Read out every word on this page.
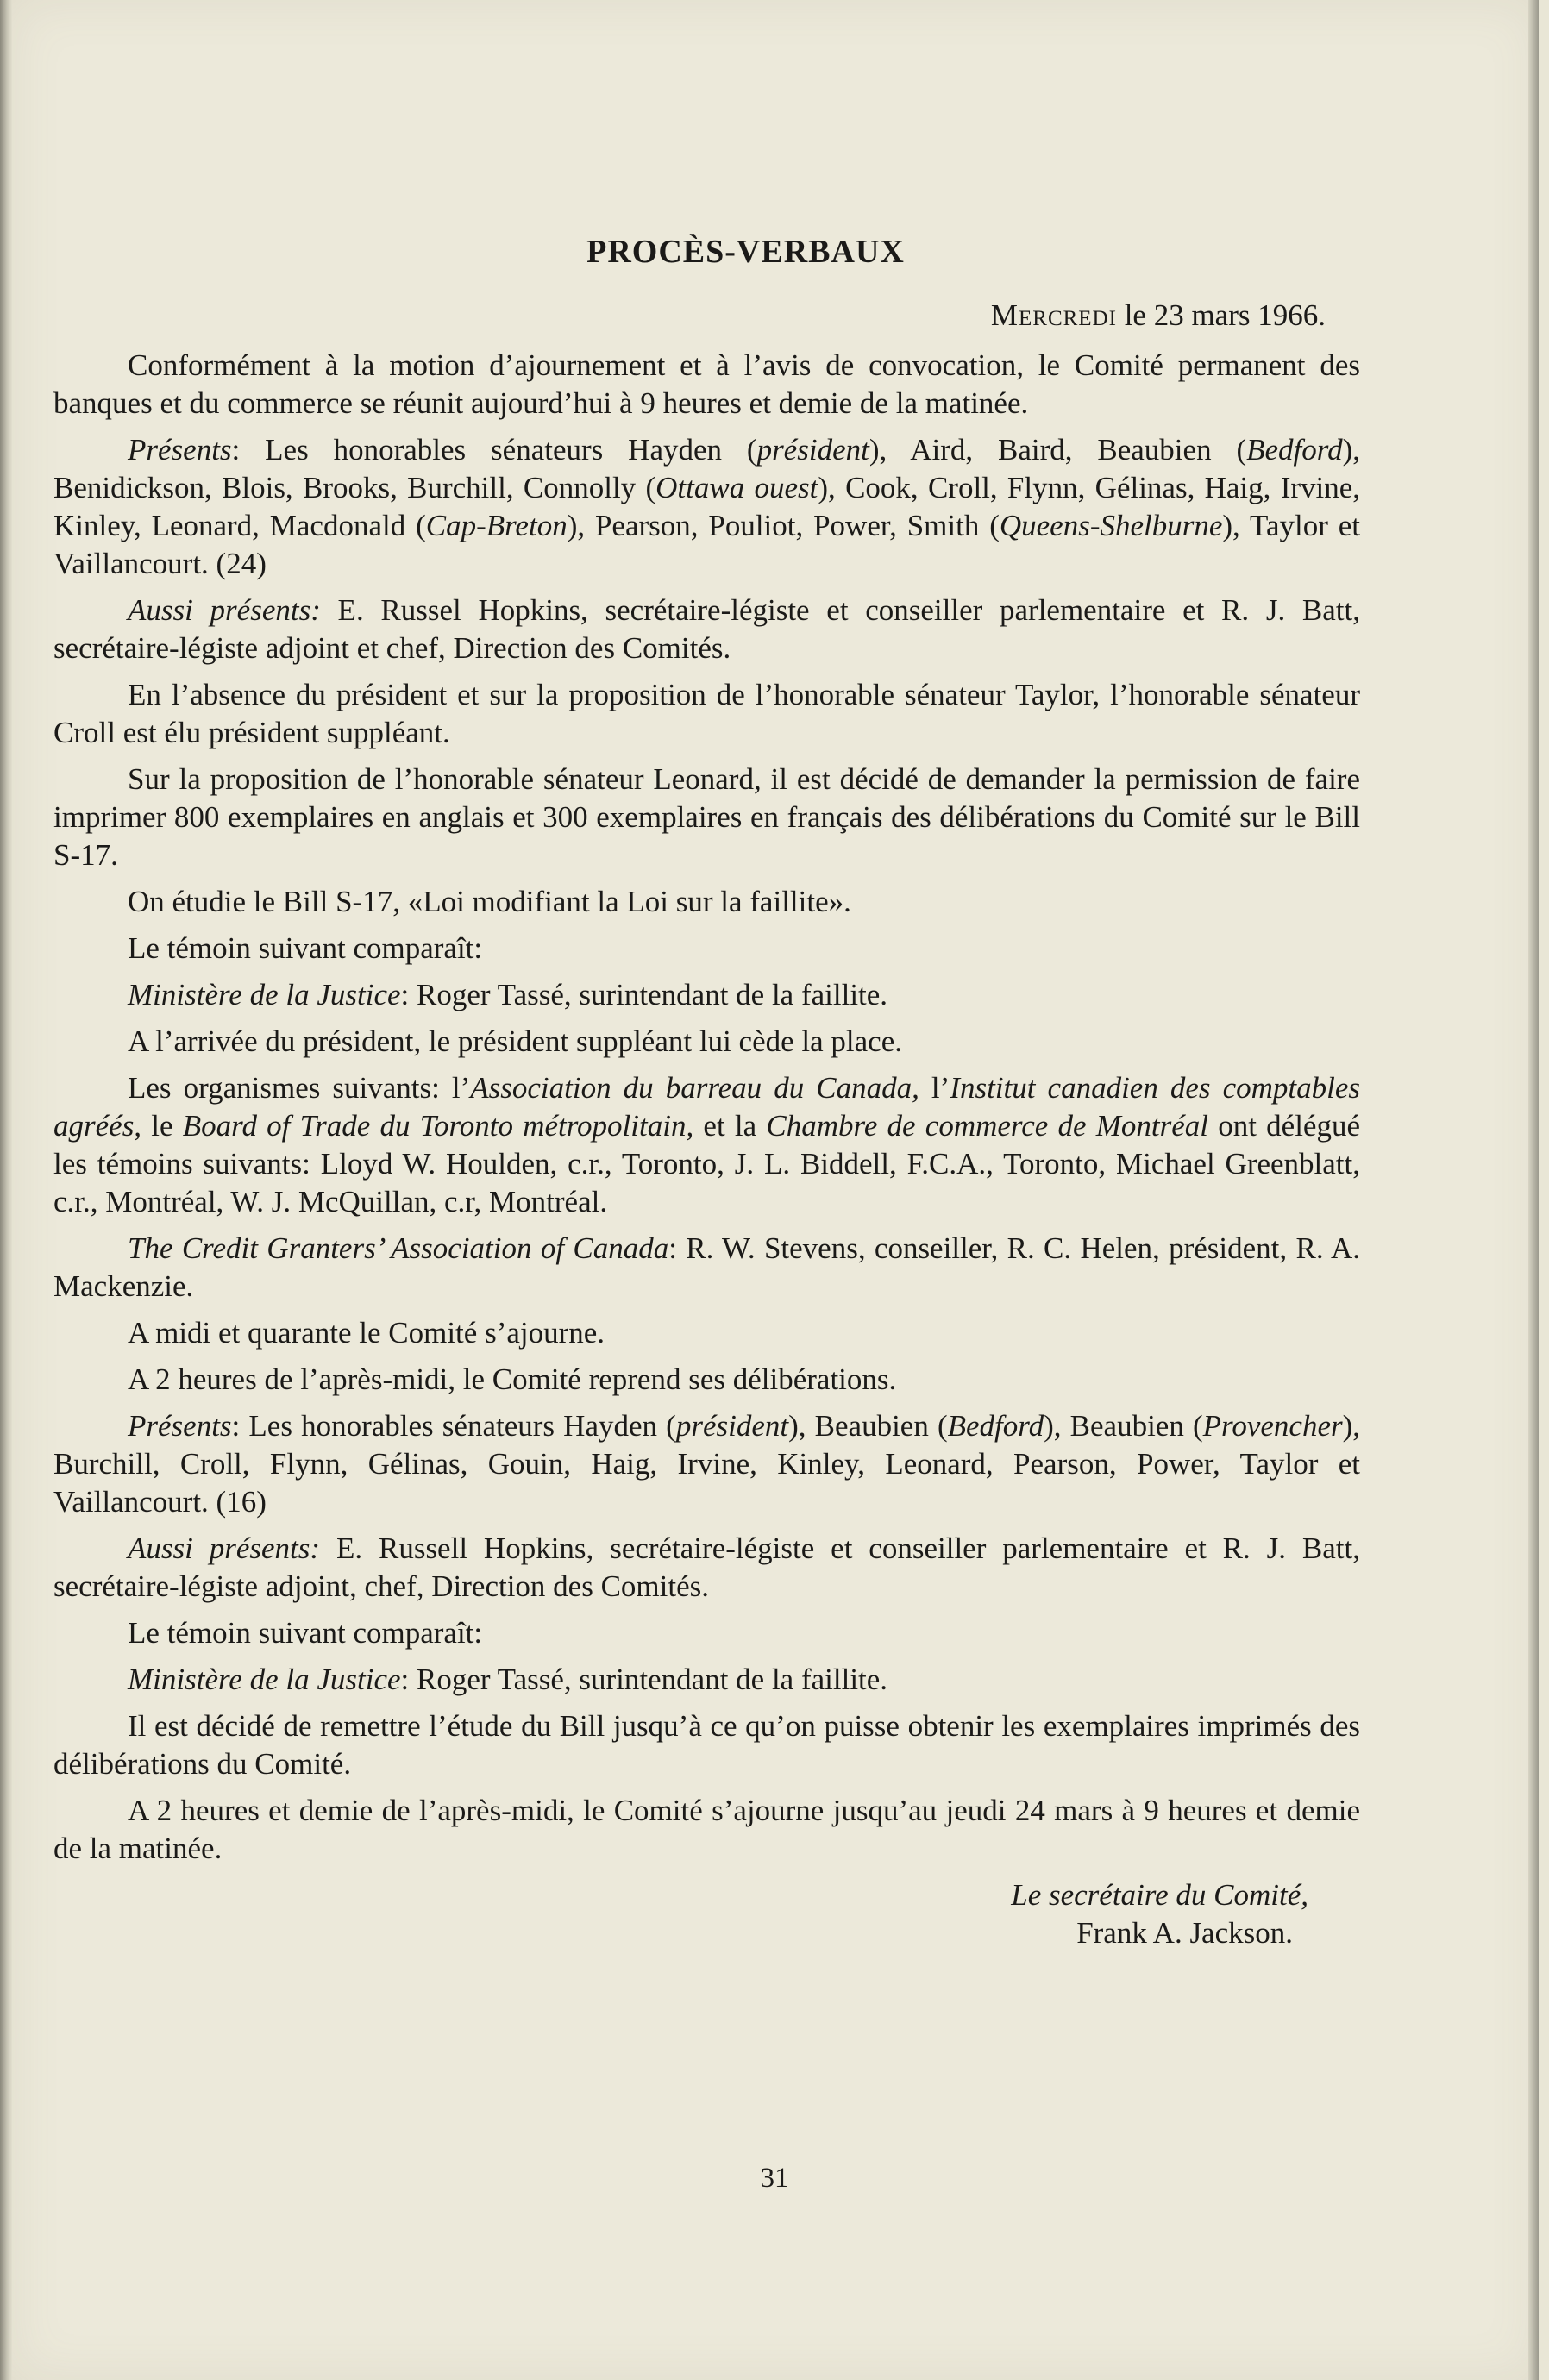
PROCÈS-VERBAUX
Mercredi le 23 mars 1966.

Conformément à la motion d’ajournement et à l’avis de convocation, le Comité permanent des banques et du commerce se réunit aujourd’hui à 9 heures et demie de la matinée.

Présents: Les honorables sénateurs Hayden (président), Aird, Baird, Beaubien (Bedford), Benidickson, Blois, Brooks, Burchill, Connolly (Ottawa ouest), Cook, Croll, Flynn, Gélinas, Haig, Irvine, Kinley, Leonard, Macdonald (Cap-Breton), Pearson, Pouliot, Power, Smith (Queens-Shelburne), Taylor et Vaillancourt. (24)

Aussi présents: E. Russel Hopkins, secrétaire-légiste et conseiller parlementaire et R. J. Batt, secrétaire-légiste adjoint et chef, Direction des Comités.

En l’absence du président et sur la proposition de l’honorable sénateur Taylor, l’honorable sénateur Croll est élu président suppléant.

Sur la proposition de l’honorable sénateur Leonard, il est décidé de demander la permission de faire imprimer 800 exemplaires en anglais et 300 exemplaires en français des délibérations du Comité sur le Bill S-17.

On étudie le Bill S-17, «Loi modifiant la Loi sur la faillite».

Le témoin suivant comparaît:

Ministère de la Justice: Roger Tassé, surintendant de la faillite.

A l’arrivée du président, le président suppléant lui cède la place.

Les organismes suivants: l’Association du barreau du Canada, l’Institut canadien des comptables agréés, le Board of Trade du Toronto métropolitain, et la Chambre de commerce de Montréal ont délégué les témoins suivants: Lloyd W. Houlden, c.r., Toronto, J. L. Biddell, F.C.A., Toronto, Michael Greenblatt, c.r., Montréal, W. J. McQuillan, c.r, Montréal.

The Credit Granters’ Association of Canada: R. W. Stevens, conseiller, R. C. Helen, président, R. A. Mackenzie.

A midi et quarante le Comité s’ajourne.

A 2 heures de l’après-midi, le Comité reprend ses délibérations.

Présents: Les honorables sénateurs Hayden (président), Beaubien (Bedford), Beaubien (Provencher), Burchill, Croll, Flynn, Gélinas, Gouin, Haig, Irvine, Kinley, Leonard, Pearson, Power, Taylor et Vaillancourt. (16)

Aussi présents: E. Russell Hopkins, secrétaire-légiste et conseiller parlementaire et R. J. Batt, secrétaire-légiste adjoint, chef, Direction des Comités.

Le témoin suivant comparaît:

Ministère de la Justice: Roger Tassé, surintendant de la faillite.

Il est décidé de remettre l’étude du Bill jusqu’à ce qu’on puisse obtenir les exemplaires imprimés des délibérations du Comité.

A 2 heures et demie de l’après-midi, le Comité s’ajourne jusqu’au jeudi 24 mars à 9 heures et demie de la matinée.

Le secrétaire du Comité,
Frank A. Jackson.
31
